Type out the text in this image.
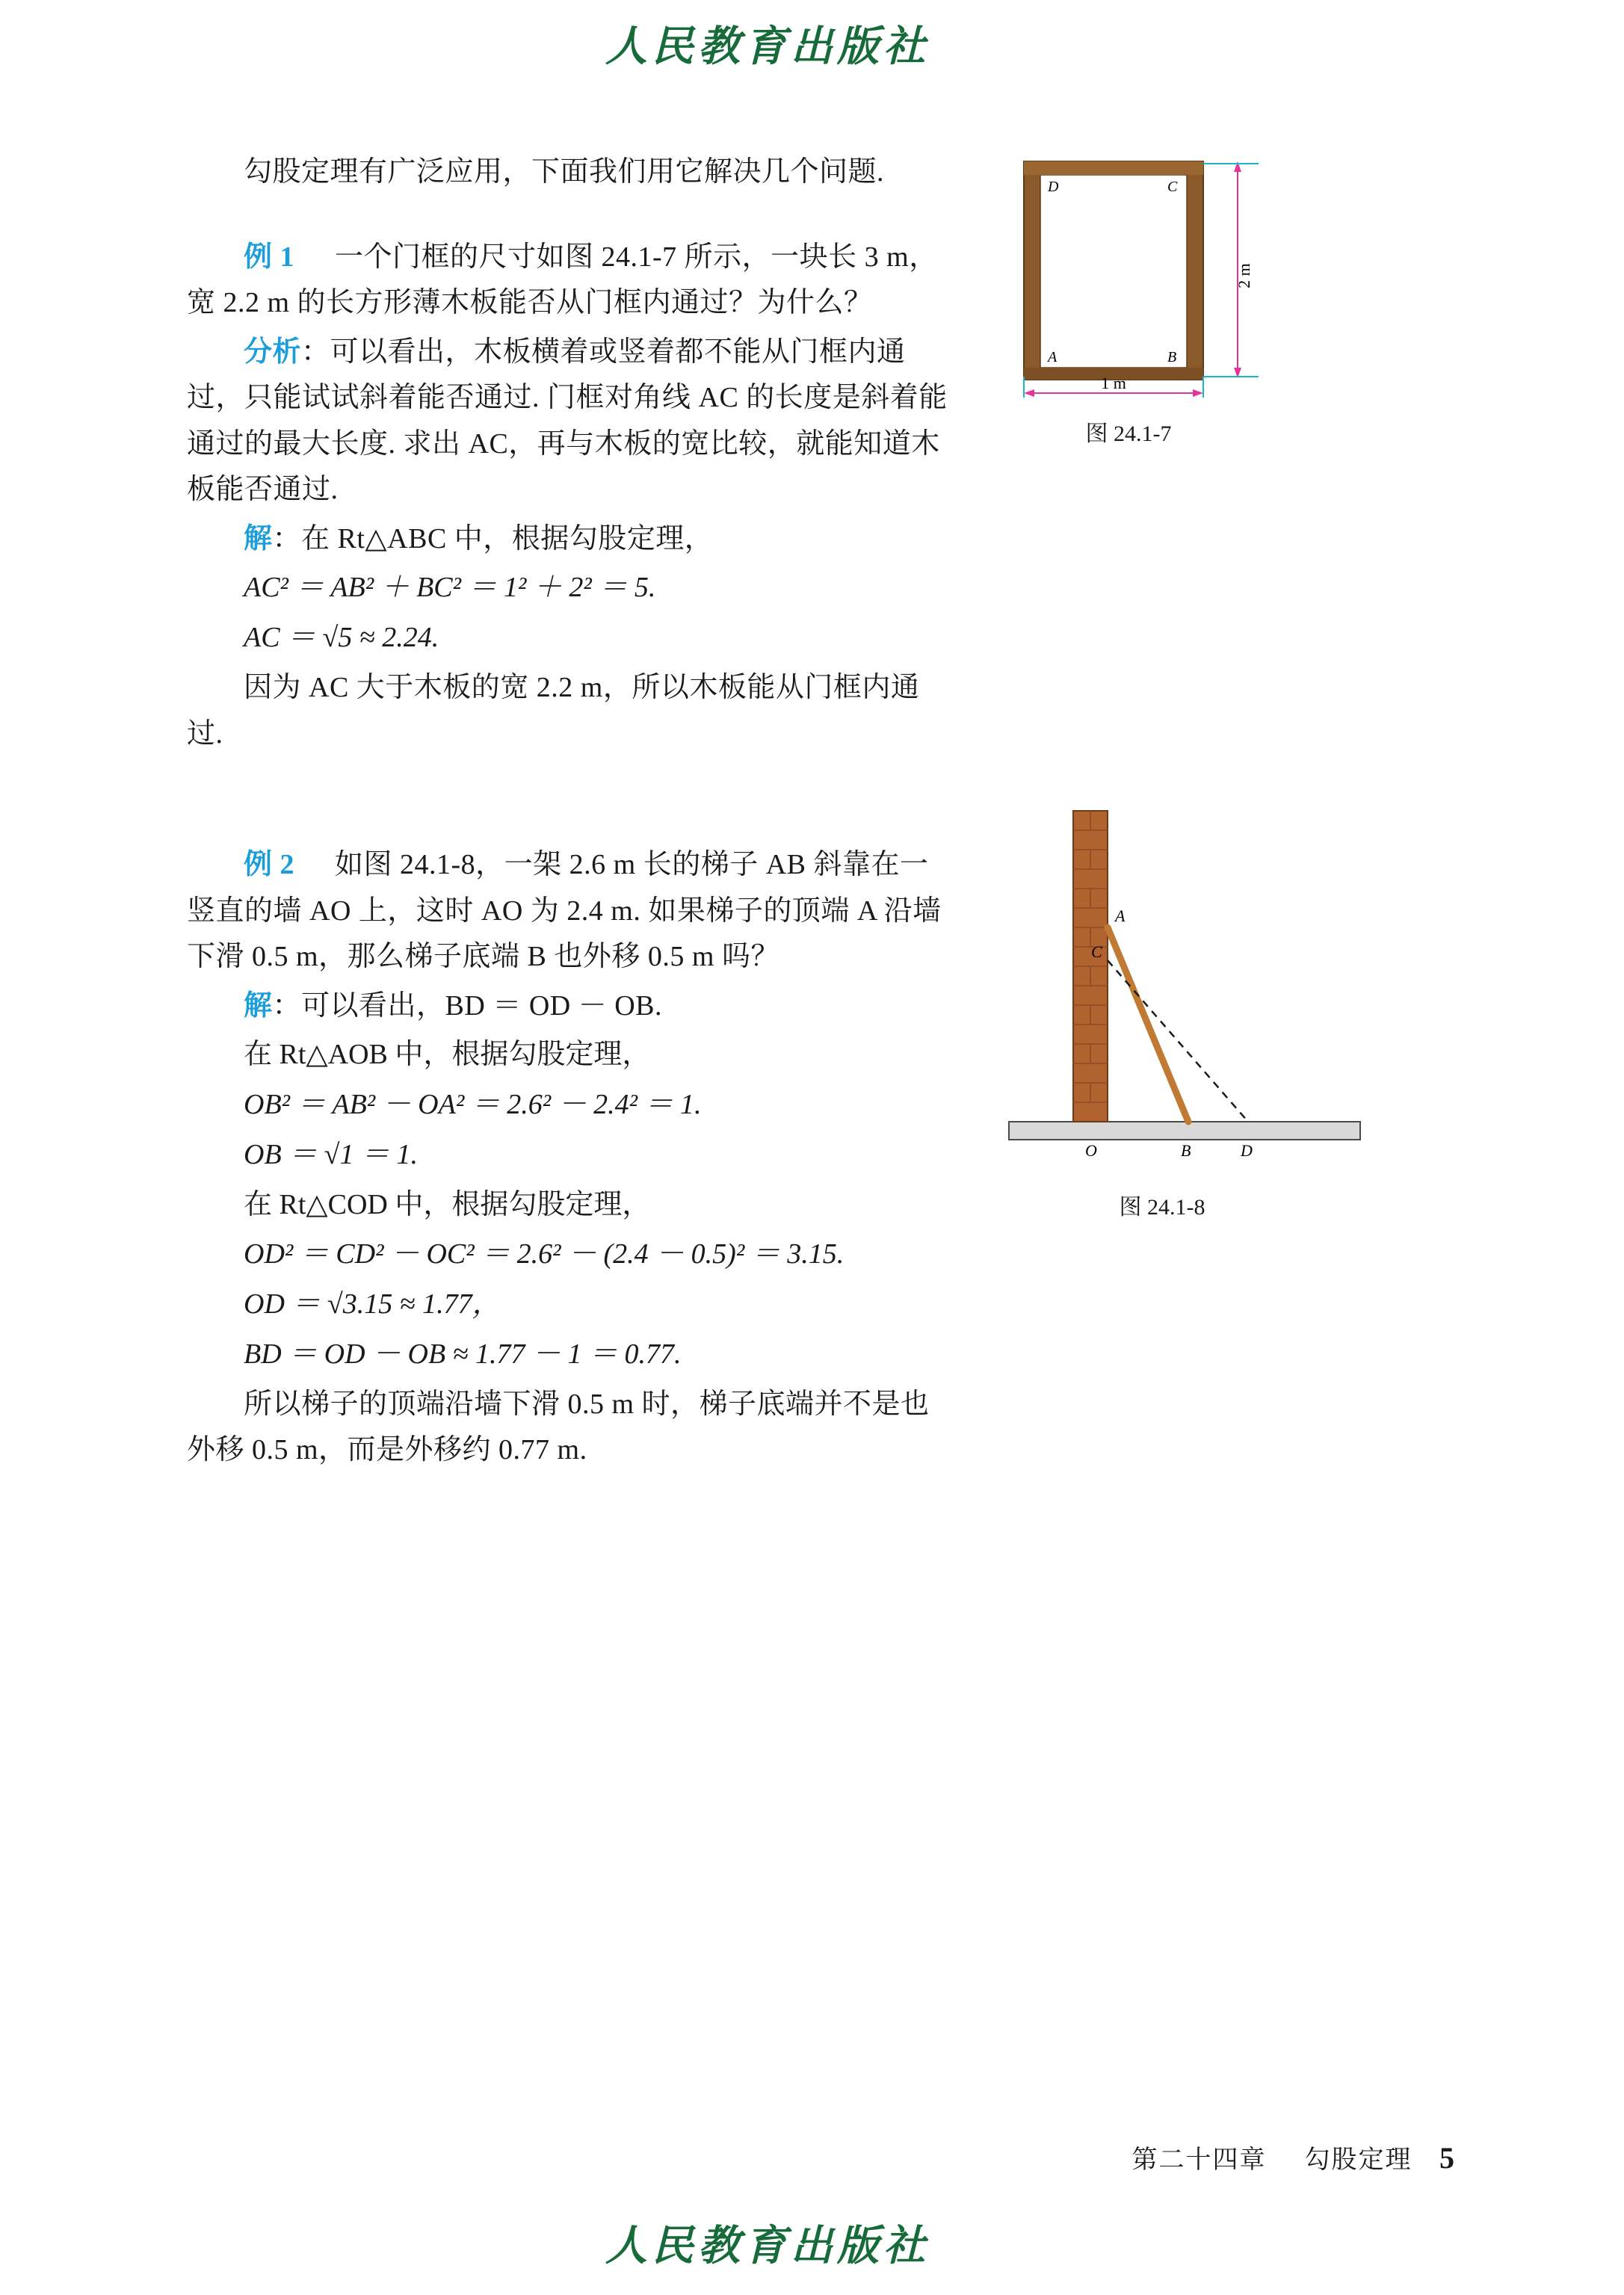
人民教育出版社

勾股定理有广泛应用，下面我们用它解决几个问题.

例 1 一个门框的尺寸如图 24.1-7 所示，一块长 3 m，宽 2.2 m 的长方形薄木板能否从门框内通过？为什么？

分析：可以看出，木板横着或竖着都不能从门框内通过，只能试试斜着能否通过. 门框对角线 AC 的长度是斜着能通过的最大长度. 求出 AC，再与木板的宽比较，就能知道木板能否通过.

解：在 Rt△ABC 中，根据勾股定理，

AC² ＝ AB² ＋ BC² ＝ 1² ＋ 2² ＝ 5.

AC ＝ √5 ≈ 2.24.

因为 AC 大于木板的宽 2.2 m，所以木板能从门框内通过.

例 2 如图 24.1-8，一架 2.6 m 长的梯子 AB 斜靠在一竖直的墙 AO 上，这时 AO 为 2.4 m. 如果梯子的顶端 A 沿墙下滑 0.5 m，那么梯子底端 B 也外移 0.5 m 吗？

解：可以看出，BD ＝ OD － OB.

在 Rt△AOB 中，根据勾股定理，

OB² ＝ AB² － OA² ＝ 2.6² － 2.4² ＝ 1.

OB ＝ √1 ＝ 1.

在 Rt△COD 中，根据勾股定理，

OD² ＝ CD² － OC² ＝ 2.6² － (2.4 － 0.5)² ＝ 3.15.

OD ＝ √3.15 ≈ 1.77，

BD ＝ OD － OB ≈ 1.77 － 1 ＝ 0.77.

所以梯子的顶端沿墙下滑 0.5 m 时，梯子底端并不是也外移 0.5 m，而是外移约 0.77 m.

D	C
A	B
2 m
1 m
图 24.1-7
A
C
O	B	D
图 24.1-8
第二十四章 勾股定理 5
人民教育出版社
